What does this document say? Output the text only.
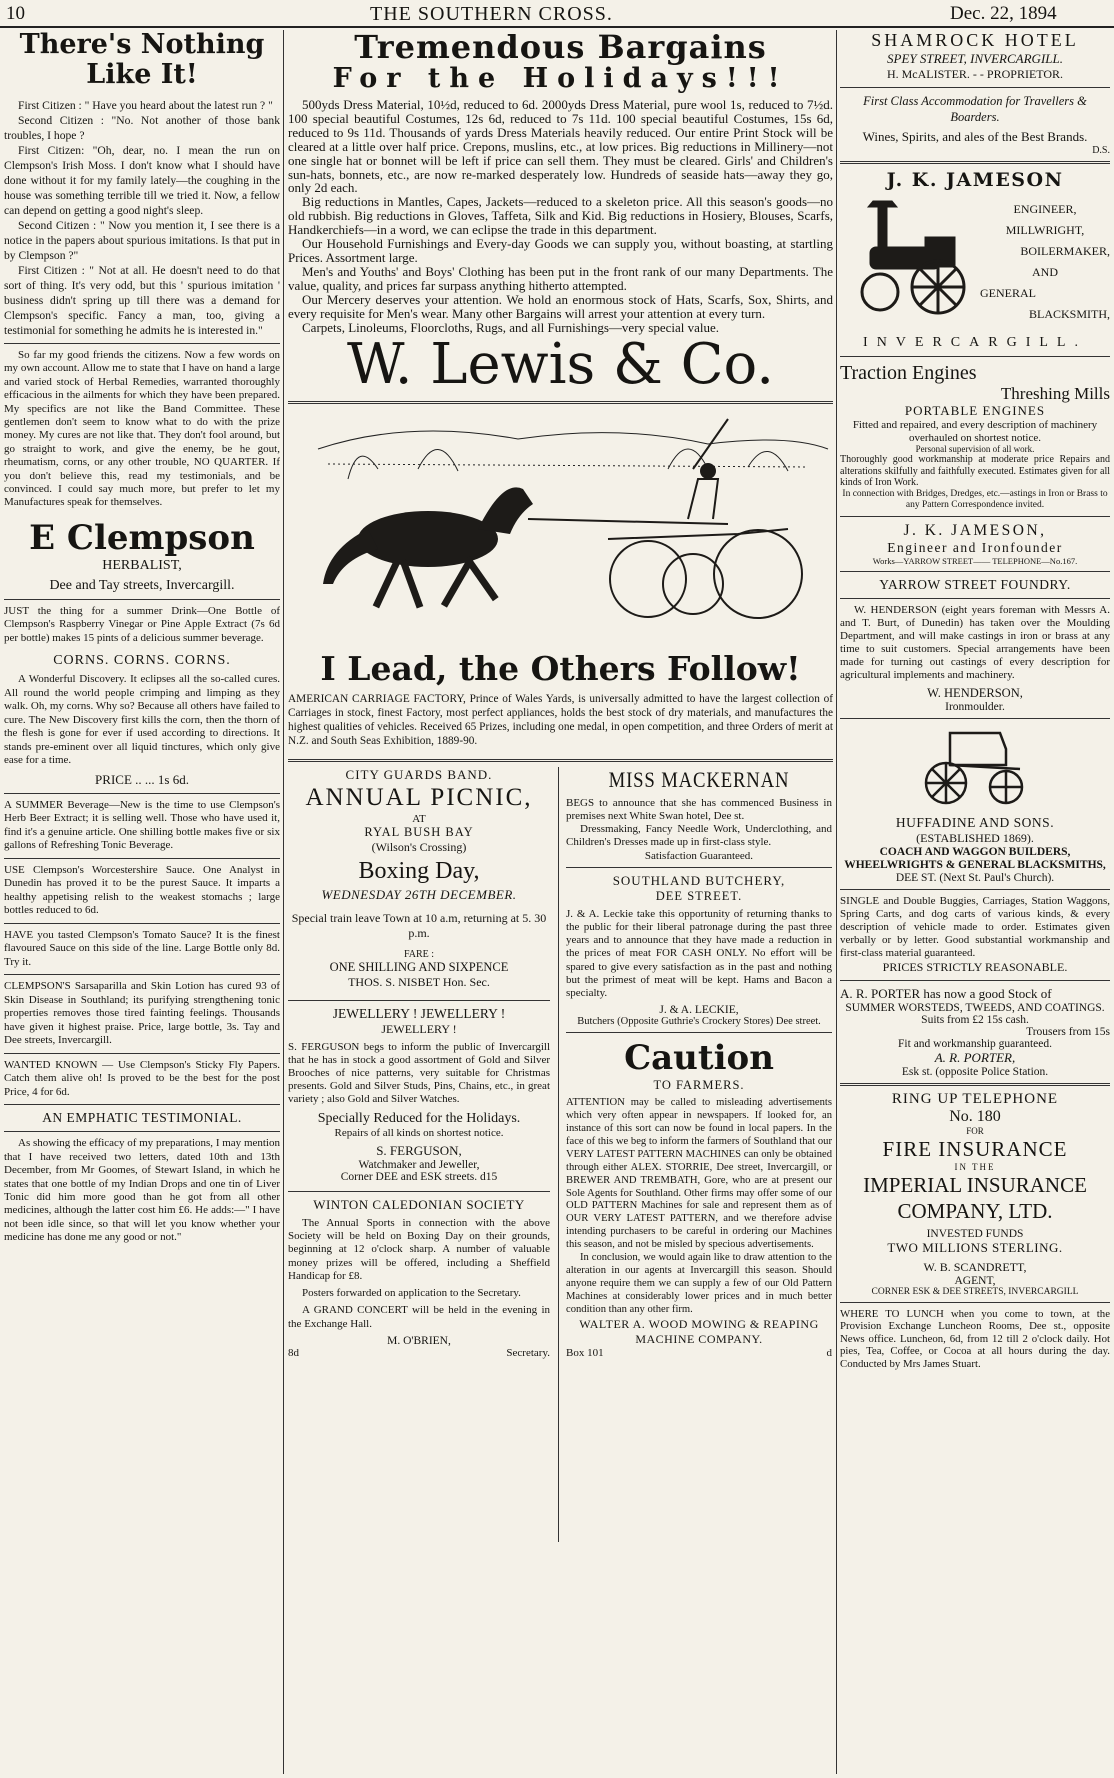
10	THE SOUTHERN CROSS.	Dec. 22, 1894
There's Nothing
Like It!

First Citizen : " Have you heard about the latest run ? "

Second Citizen : "No. Not another of those bank troubles, I hope ?

First Citizen: "Oh, dear, no. I mean the run on Clempson's Irish Moss. I don't know what I should have done without it for my family lately—the coughing in the house was something terrible till we tried it. Now, a fellow can depend on getting a good night's sleep.

Second Citizen : " Now you mention it, I see there is a notice in the papers about spurious imitations. Is that put in by Clempson ?"

First Citizen : " Not at all. He doesn't need to do that sort of thing. It's very odd, but this ' spurious imitation ' business didn't spring up till there was a demand for Clempson's specific. Fancy a man, too, giving a testimonial for something he admits he is interested in."

So far my good friends the citizens. Now a few words on my own account. Allow me to state that I have on hand a large and varied stock of Herbal Remedies, warranted thoroughly efficacious in the ailments for which they have been prepared. My specifics are not like the Band Committee. These gentlemen don't seem to know what to do with the prize money. My cures are not like that. They don't fool around, but go straight to work, and give the enemy, be he gout, rheumatism, corns, or any other trouble, NO QUARTER. If you don't believe this, read my testimonials, and be convinced. I could say much more, but prefer to let my Manufactures speak for themselves.

E Clempson
HERBALIST,
Dee and Tay streets, Invercargill.

JUST the thing for a summer Drink—One Bottle of Clempson's Raspberry Vinegar or Pine Apple Extract (7s 6d per bottle) makes 15 pints of a delicious summer beverage.

CORNS. CORNS. CORNS.

A Wonderful Discovery. It eclipses all the so-called cures. All round the world people crimping and limping as they walk. Oh, my corns. Why so? Because all others have failed to cure. The New Discovery first kills the corn, then the thorn of the flesh is gone for ever if used according to directions. It stands pre-eminent over all liquid tinctures, which only give ease for a time.

PRICE .. ... 1s 6d.

A SUMMER Beverage—New is the time to use Clempson's Herb Beer Extract; it is selling well. Those who have used it, find it's a genuine article. One shilling bottle makes five or six gallons of Refreshing Tonic Beverage.

USE Clempson's Worcestershire Sauce. One Analyst in Dunedin has proved it to be the purest Sauce. It imparts a healthy appetising relish to the weakest stomachs ; large bottles reduced to 6d.

HAVE you tasted Clempson's Tomato Sauce? It is the finest flavoured Sauce on this side of the line. Large Bottle only 8d. Try it.

CLEMPSON'S Sarsaparilla and Skin Lotion has cured 93 of Skin Disease in Southland; its purifying strengthening tonic properties removes those tired fainting feelings. Thousands have given it highest praise. Price, large bottle, 3s. Tay and Dee streets, Invercargill.

WANTED KNOWN — Use Clempson's Sticky Fly Papers. Catch them alive oh! Is proved to be the best for the post Price, 4 for 6d.

AN EMPHATIC TESTIMONIAL.

As showing the efficacy of my preparations, I may mention that I have received two letters, dated 10th and 13th December, from Mr Goomes, of Stewart Island, in which he states that one bottle of my Indian Drops and one tin of Liver Tonic did him more good than he got from all other medicines, although the latter cost him £6. He adds:—" I have not been idle since, so that will let you know whether your medicine has done me any good or not."

Tremendous Bargains
For the Holidays!!!

500yds Dress Material, 10½d, reduced to 6d. 2000yds Dress Material, pure wool 1s, reduced to 7½d. 100 special beautiful Costumes, 12s 6d, reduced to 7s 11d. 100 special beautiful Costumes, 15s 6d, reduced to 9s 11d. Thousands of yards Dress Materials heavily reduced. Our entire Print Stock will be cleared at a little over half price. Crepons, muslins, etc., at low prices. Big reductions in Millinery—not one single hat or bonnet will be left if price can sell them. They must be cleared. Girls' and Children's sun-hats, bonnets, etc., are now re-marked desperately low. Hundreds of seaside hats—away they go, only 2d each.

Big reductions in Mantles, Capes, Jackets—reduced to a skeleton price. All this season's goods—no old rubbish. Big reductions in Gloves, Taffeta, Silk and Kid. Big reductions in Hosiery, Blouses, Scarfs, Handkerchiefs—in a word, we can eclipse the trade in this department.

Our Household Furnishings and Every-day Goods we can supply you, without boasting, at startling Prices. Assortment large.

Men's and Youths' and Boys' Clothing has been put in the front rank of our many Departments. The value, quality, and prices far surpass anything hitherto attempted.

Our Mercery deserves your attention. We hold an enormous stock of Hats, Scarfs, Sox, Shirts, and every requisite for Men's wear. Many other Bargains will arrest your attention at every turn.

Carpets, Linoleums, Floorcloths, Rugs, and all Furnishings—very special value.

W. Lewis & Co.
I Lead, the Others Follow!

AMERICAN CARRIAGE FACTORY, Prince of Wales Yards, is universally admitted to have the largest collection of Carriages in stock, finest Factory, most perfect appliances, holds the best stock of dry materials, and manufactures the highest qualities of vehicles. Received 65 Prizes, including one medal, in open competition, and three Orders of merit at N.Z. and South Seas Exhibition, 1889-90.

CITY GUARDS BAND.
ANNUAL PICNIC,
AT
RYAL BUSH BAY
(Wilson's Crossing)
Boxing Day,
WEDNESDAY 26TH DECEMBER.

Special train leave Town at 10 a.m, returning at 5. 30 p.m.

FARE :
ONE SHILLING AND SIXPENCE
THOS. S. NISBET Hon. Sec.
JEWELLERY ! JEWELLERY !
JEWELLERY !

S. FERGUSON begs to inform the public of Invercargill that he has in stock a good assortment of Gold and Silver Brooches of nice patterns, very suitable for Christmas presents. Gold and Silver Studs, Pins, Chains, etc., in great variety ; also Gold and Silver Watches.

Specially Reduced for the Holidays.
Repairs of all kinds on shortest notice.
S. FERGUSON,
Watchmaker and Jeweller,
Corner DEE and ESK streets. d15
WINTON CALEDONIAN SOCIETY

The Annual Sports in connection with the above Society will be held on Boxing Day on their grounds, beginning at 12 o'clock sharp. A number of valuable money prizes will be offered, including a Sheffield Handicap for £8.

Posters forwarded on application to the Secretary.

A GRAND CONCERT will be held in the evening in the Exchange Hall.

M. O'BRIEN,
8d	Secretary.
MISS MACKERNAN

BEGS to announce that she has commenced Business in premises next White Swan hotel, Dee st.

Dressmaking, Fancy Needle Work, Underclothing, and Children's Dresses made up in first-class style.

Satisfaction Guaranteed.
SOUTHLAND BUTCHERY,
DEE STREET.

J. & A. Leckie take this opportunity of returning thanks to the public for their liberal patronage during the past three years and to announce that they have made a reduction in the prices of meat FOR CASH ONLY. No effort will be spared to give every satisfaction as in the past and nothing but the primest of meat will be kept. Hams and Bacon a specialty.

J. & A. LECKIE,
Butchers (Opposite Guthrie's Crockery Stores) Dee street.
Caution
TO FARMERS.

ATTENTION may be called to misleading advertisements which very often appear in newspapers. If looked for, an instance of this sort can now be found in local papers. In the face of this we beg to inform the farmers of Southland that our VERY LATEST PATTERN MACHINES can only be obtained through either ALEX. STORRIE, Dee street, Invercargill, or BREWER AND TREMBATH, Gore, who are at present our Sole Agents for Southland. Other firms may offer some of our OLD PATTERN Machines for sale and represent them as of OUR VERY LATEST PATTERN, and we therefore advise intending purchasers to be careful in ordering our Machines this season, and not be misled by specious advertisements.

In conclusion, we would again like to draw attention to the alteration in our agents at Invercargill this season. Should anyone require them we can supply a few of our Old Pattern Machines at considerably lower prices and in much better condition than any other firm.

WALTER A. WOOD MOWING & REAPING MACHINE COMPANY.
Box 101	d
SHAMROCK HOTEL
SPEY STREET, INVERCARGILL.
H. McALISTER. - - PROPRIETOR.
First Class Accommodation for Travellers & Boarders.
Wines, Spirits, and ales of the Best Brands.
D.S.
J. K. JAMESON
ENGINEER,
MILLWRIGHT,
BOILERMAKER,
AND
GENERAL
BLACKSMITH,
INVERCARGILL.
Traction Engines
Threshing Mills
PORTABLE ENGINES

Fitted and repaired, and every description of machinery overhauled on shortest notice.

Personal supervision of all work.

Thoroughly good workmanship at moderate price Repairs and alterations skilfully and faithfully executed. Estimates given for all kinds of Iron Work.

In connection with Bridges, Dredges, etc.—astings in Iron or Brass to any Pattern Correspondence invited.

J. K. JAMESON,
Engineer and Ironfounder
Works—YARROW STREET—— TELEPHONE—No.167.
YARROW STREET FOUNDRY.

W. HENDERSON (eight years foreman with Messrs A. and T. Burt, of Dunedin) has taken over the Moulding Department, and will make castings in iron or brass at any time to suit customers. Special arrangements have been made for turning out castings of every description for agricultural implements and machinery.

W. HENDERSON,
Ironmoulder.
HUFFADINE AND SONS.
(ESTABLISHED 1869).

COACH AND WAGGON BUILDERS, WHEELWRIGHTS & GENERAL BLACKSMITHS,

DEE ST. (Next St. Paul's Church).

SINGLE and Double Buggies, Carriages, Station Waggons, Spring Carts, and dog carts of various kinds, & every description of vehicle made to order. Estimates given verbally or by letter. Good substantial workmanship and first-class material guaranteed.

PRICES STRICTLY REASONABLE.
A. R. PORTER has now a good Stock of
SUMMER WORSTEDS, TWEEDS, AND COATINGS.
Suits from £2 15s cash.
Trousers from 15s
Fit and workmanship guaranteed.
A. R. PORTER,
Esk st. (opposite Police Station.
RING UP TELEPHONE
No. 180
FOR
FIRE INSURANCE
IN THE
IMPERIAL INSURANCE
COMPANY, LTD.
INVESTED FUNDS
TWO MILLIONS STERLING.
W. B. SCANDRETT,
AGENT,
CORNER ESK & DEE STREETS, INVERCARGILL

WHERE TO LUNCH when you come to town, at the Provision Exchange Luncheon Rooms, Dee st., opposite News office. Luncheon, 6d, from 12 till 2 o'clock daily. Hot pies, Tea, Coffee, or Cocoa at all hours during the day. Conducted by Mrs James Stuart.
